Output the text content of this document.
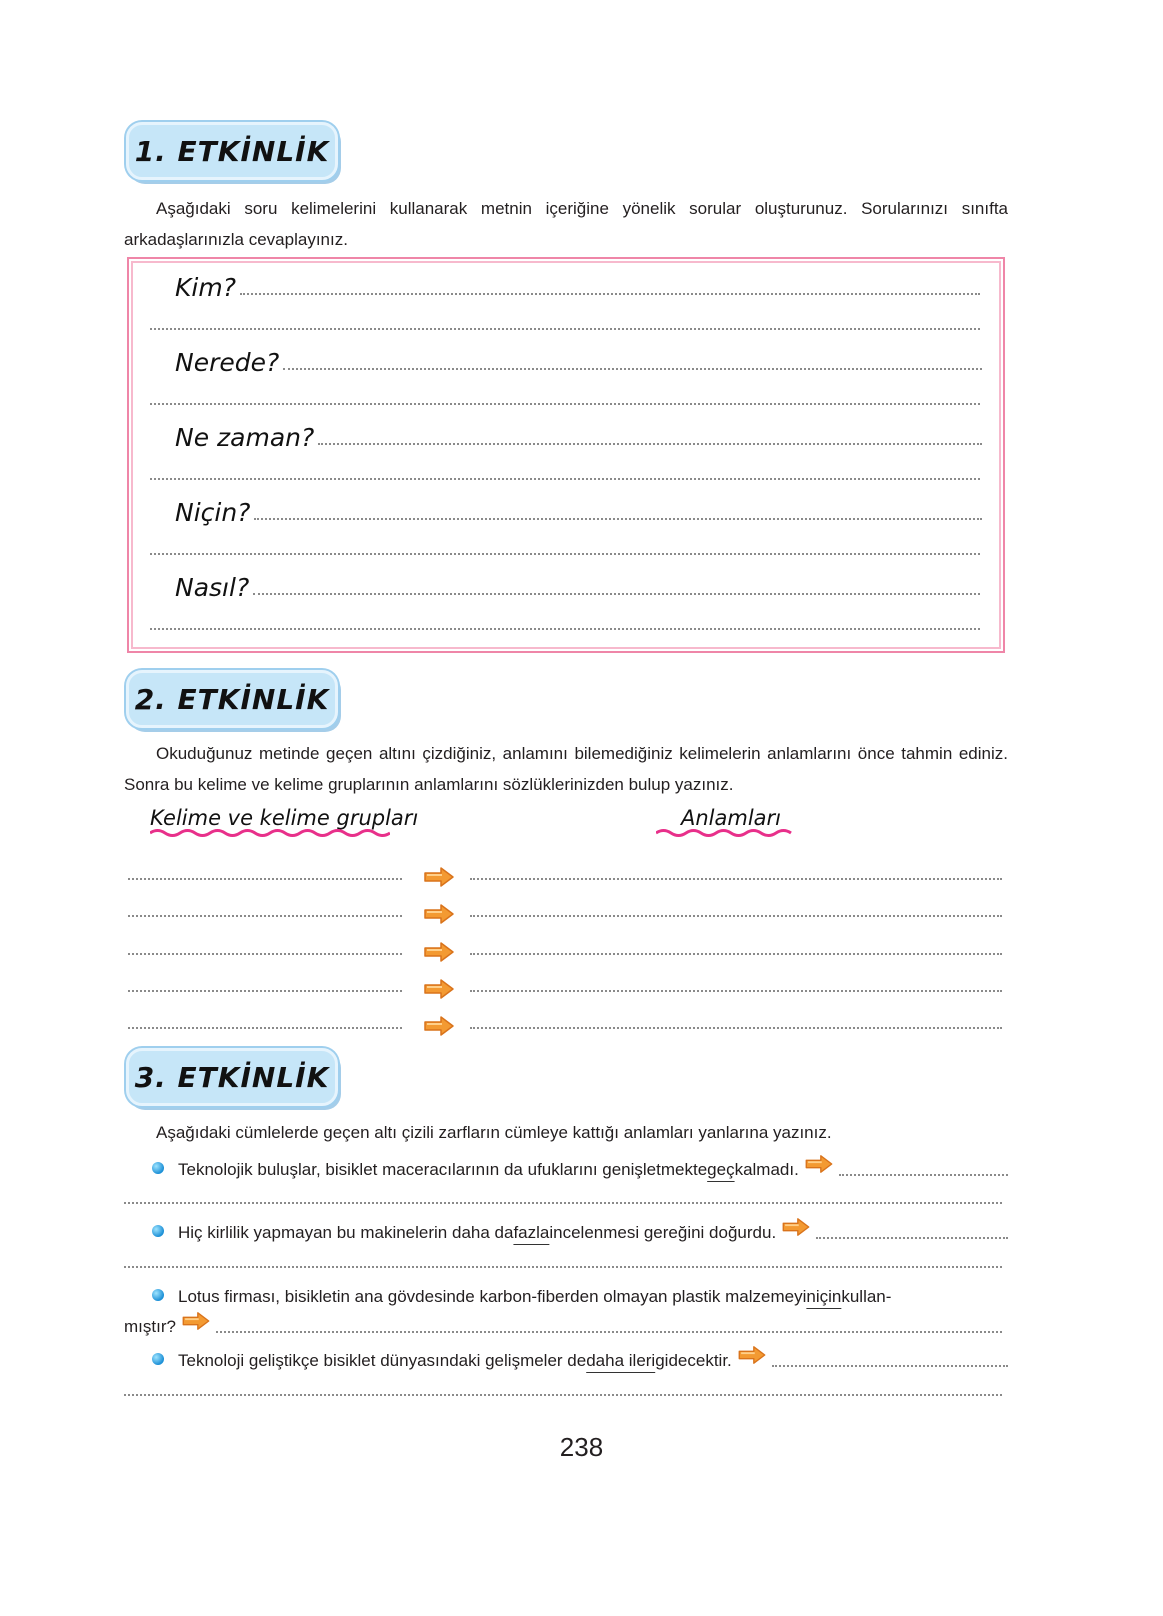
1. ETKİNLİK
Aşağıdaki soru kelimelerini kullanarak metnin içeriğine yönelik sorular oluşturunuz. Sorularınızı sınıfta arkadaşlarınızla cevaplayınız.
Kim?
Nerede?
Ne zaman?
Niçin?
Nasıl?
2. ETKİNLİK
Okuduğunuz metinde geçen altını çizdiğiniz, anlamını bilemediğiniz kelimelerin anlamlarını önce tahmin ediniz. Sonra bu kelime ve kelime gruplarının anlamlarını sözlüklerinizden bulup yazınız.
Kelime ve kelime grupları	Anlamları
3. ETKİNLİK
Aşağıdaki cümlelerde geçen altı çizili zarfların cümleye kattığı anlamları yanlarına yazınız.
Teknolojik buluşlar, bisiklet maceracılarının da ufuklarını genişletmekte geç kalmadı.
Hiç kirlilik yapmayan bu makinelerin daha da fazla incelenmesi gereğini doğurdu.
Lotus firması, bisikletin ana gövdesinde karbon-fiberden olmayan plastik malzemeyi niçin kullan-
mıştır?
Teknoloji geliştikçe bisiklet dünyasındaki gelişmeler de daha ileri gidecektir.
238
